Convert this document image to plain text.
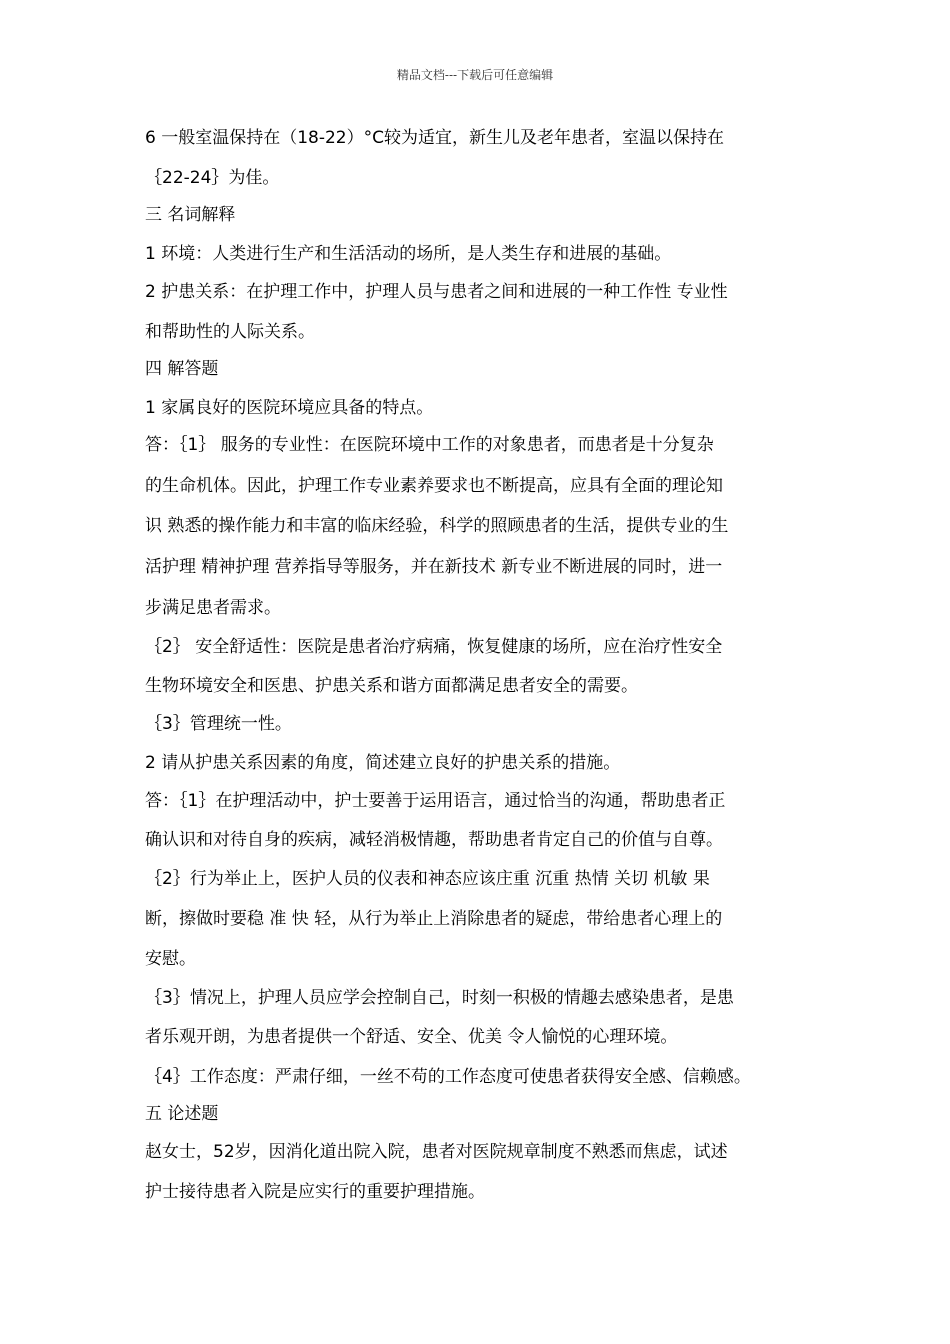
精品文档---下载后可任意编辑
6 一般室温保持在（18-22）°C较为适宜，新生儿及老年患者，室温以保持在
｛22-24｝为佳。
三 名词解释
1 环境：人类进行生产和生活活动的场所，是人类生存和进展的基础。
2 护患关系：在护理工作中，护理人员与患者之间和进展的一种工作性 专业性
和帮助性的人际关系。
四 解答题
1 家属良好的医院环境应具备的特点。
答：｛1｝ 服务的专业性：在医院环境中工作的对象患者，而患者是十分复杂
的生命机体。因此，护理工作专业素养要求也不断提高，应具有全面的理论知
识 熟悉的操作能力和丰富的临床经验，科学的照顾患者的生活，提供专业的生
活护理 精神护理 营养指导等服务，并在新技术 新专业不断进展的同时，进一
步满足患者需求。
｛2｝ 安全舒适性：医院是患者治疗病痛，恢复健康的场所，应在治疗性安全
生物环境安全和医患、护患关系和谐方面都满足患者安全的需要。
｛3｝管理统一性。
2 请从护患关系因素的角度，简述建立良好的护患关系的措施。
答：｛1｝在护理活动中，护士要善于运用语言，通过恰当的沟通，帮助患者正
确认识和对待自身的疾病，减轻消极情趣，帮助患者肯定自己的价值与自尊。
｛2｝行为举止上，医护人员的仪表和神态应该庄重 沉重 热情 关切 机敏 果
断，擦做时要稳 准 快 轻，从行为举止上消除患者的疑虑，带给患者心理上的
安慰。
｛3｝情况上，护理人员应学会控制自己，时刻一积极的情趣去感染患者，是患
者乐观开朗，为患者提供一个舒适、安全、优美 令人愉悦的心理环境。
｛4｝工作态度：严肃仔细，一丝不苟的工作态度可使患者获得安全感、信赖感。
五 论述题
赵女士，52岁，因消化道出院入院，患者对医院规章制度不熟悉而焦虑，试述
护士接待患者入院是应实行的重要护理措施。
